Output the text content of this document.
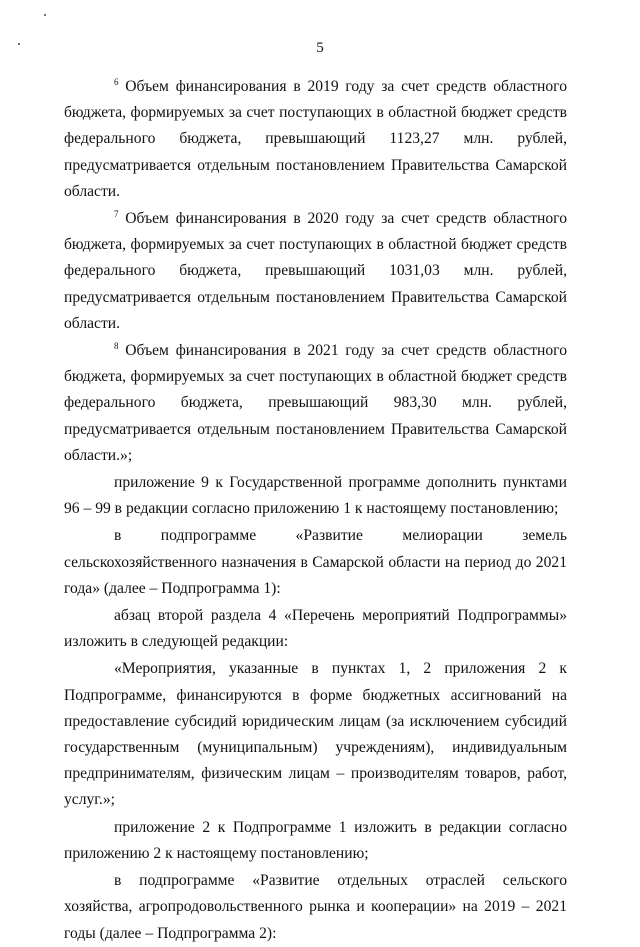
5

$^6$ Объем финансирования в 2019 году за счет средств областного бюджета, формируемых за счет поступающих в областной бюджет средств федерального бюджета, превышающий 1123,27 млн. рублей, предусматривается отдельным постановлением Правительства Самарской области.

$^7$ Объем финансирования в 2020 году за счет средств областного бюджета, формируемых за счет поступающих в областной бюджет средств федерального бюджета, превышающий 1031,03 млн. рублей, предусматривается отдельным постановлением Правительства Самарской области.

$^8$ Объем финансирования в 2021 году за счет средств областного бюджета, формируемых за счет поступающих в областной бюджет средств федерального бюджета, превышающий 983,30 млн. рублей, предусматривается отдельным постановлением Правительства Самарской области.»;

приложение 9 к Государственной программе дополнить пунктами 96 – 99 в редакции согласно приложению 1 к настоящему постановлению;

в подпрограмме «Развитие мелиорации земель сельскохозяйственного назначения в Самарской области на период до 2021 года» (далее – Подпрограмма 1):

абзац второй раздела 4 «Перечень мероприятий Подпрограммы» изложить в следующей редакции:

«Мероприятия, указанные в пунктах 1, 2 приложения 2 к Подпрограмме, финансируются в форме бюджетных ассигнований на предоставление субсидий юридическим лицам (за исключением субсидий государственным (муниципальным) учреждениям), индивидуальным предпринимателям, физическим лицам – производителям товаров, работ, услуг.»;

приложение 2 к Подпрограмме 1 изложить в редакции согласно приложению 2 к настоящему постановлению;

в подпрограмме «Развитие отдельных отраслей сельского хозяйства, агропродовольственного рынка и кооперации» на 2019 – 2021 годы (далее – Подпрограмма 2):
